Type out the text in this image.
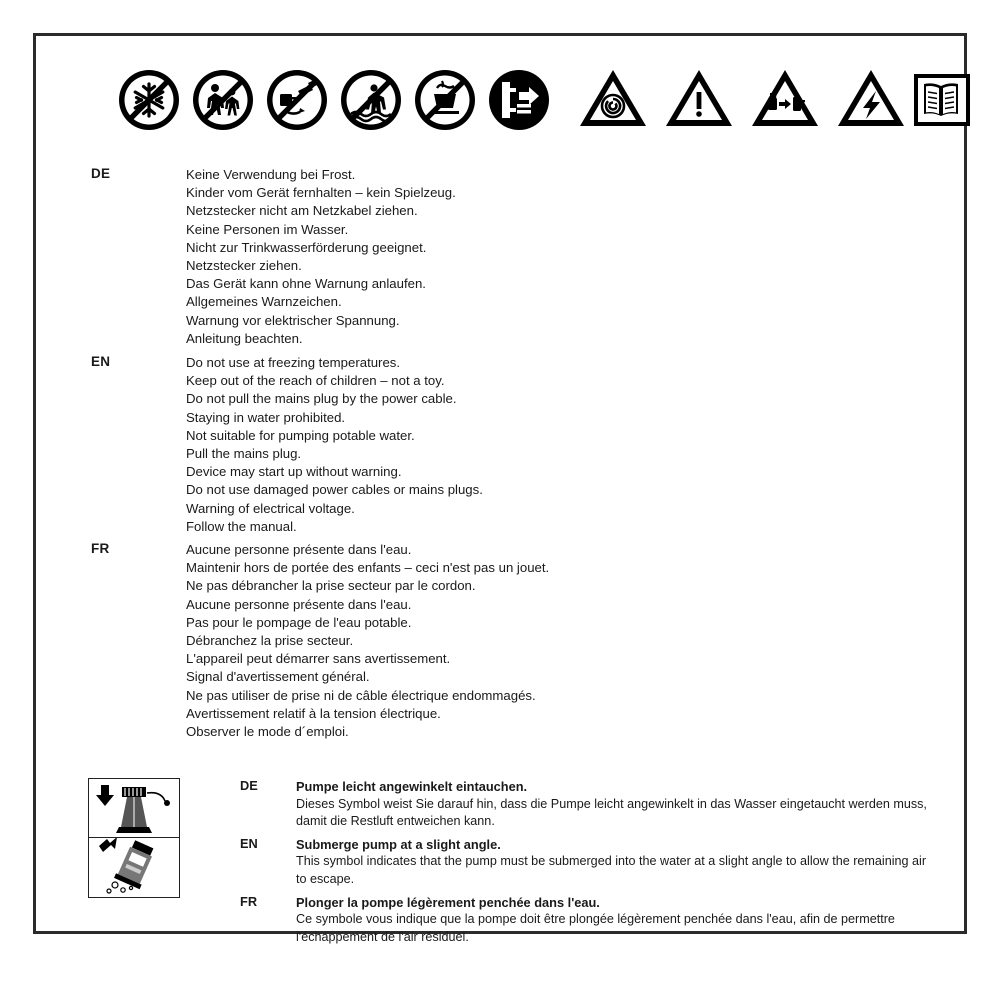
DE	Keine Verwendung bei Frost.
Kinder vom Gerät fernhalten – kein Spielzeug.
Netzstecker nicht am Netzkabel ziehen.
Keine Personen im Wasser.
Nicht zur Trinkwasserförderung geeignet.
Netzstecker ziehen.
Das Gerät kann ohne Warnung anlaufen.
Allgemeines Warnzeichen.
Warnung vor elektrischer Spannung.
Anleitung beachten.
EN	Do not use at freezing temperatures.
Keep out of the reach of children – not a toy.
Do not pull the mains plug by the power cable.
Staying in water prohibited.
Not suitable for pumping potable water.
Pull the mains plug.
Device may start up without warning.
Do not use damaged power cables or mains plugs.
Warning of electrical voltage.
Follow the manual.
FR	Aucune personne présente dans l'eau.
Maintenir hors de portée des enfants – ceci n'est pas un jouet.
Ne pas débrancher la prise secteur par le cordon.
Aucune personne présente dans l'eau.
Pas pour le pompage de l'eau potable.
Débranchez la prise secteur.
L'appareil peut démarrer sans avertissement.
Signal d'avertissement général.
Ne pas utiliser de prise ni de câble électrique endommagés.
Avertissement relatif à la tension électrique.
Observer le mode d´emploi.
DE	Pumpe leicht angewinkelt eintauchen.
Dieses Symbol weist Sie darauf hin, dass die Pumpe leicht angewinkelt in das Wasser eingetaucht werden muss, damit die Restluft entweichen kann.
EN	Submerge pump at a slight angle.
This symbol indicates that the pump must be submerged into the water at a slight angle to allow the remaining air to escape.
FR	Plonger la pompe légèrement penchée dans l'eau.
Ce symbole vous indique que la pompe doit être plongée légèrement penchée dans l'eau, afin de permettre l'échappement de l'air résiduel.
